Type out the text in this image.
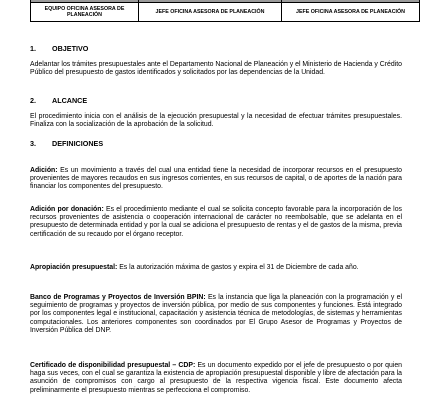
EQUIPO OFICINA ASESORA DE PLANEACIÓN	JEFE OFICINA ASESORA DE PLANEACIÓN	JEFE OFICINA ASESORA DE PLANEACIÓN
1. OBJETIVO

Adelantar los trámites presupuestales ante el Departamento Nacional de Planeación y el Ministerio de Hacienda y Crédito Público del presupuesto de gastos identificados y solicitados por las dependencias de la Unidad.

2. ALCANCE

El procedimiento inicia con el análisis de la ejecución presupuestal y la necesidad de efectuar trámites presupuestales. Finaliza con la socialización de la aprobación de la solicitud.

3. DEFINICIONES

Adición: Es un movimiento a través del cual una entidad tiene la necesidad de incorporar recursos en el presupuesto provenientes de mayores recaudos en sus ingresos corrientes, en sus recursos de capital, o de aportes de la nación para financiar los componentes del presupuesto.

Adición por donación: Es el procedimiento mediante el cual se solicita concepto favorable para la incorporación de los recursos provenientes de asistencia o cooperación internacional de carácter no reembolsable, que se adelanta en el presupuesto de determinada entidad y por la cual se adiciona el presupuesto de rentas y el de gastos de la misma, previa certificación de su recaudo por el órgano receptor.

Apropiación presupuestal: Es la autorización máxima de gastos y expira el 31 de Diciembre de cada año.

Banco de Programas y Proyectos de Inversión BPIN: Es la instancia que liga la planeación con la programación y el seguimiento de programas y proyectos de inversión pública, por medio de sus componentes y funciones. Está integrado por los componentes legal e institucional, capacitación y asistencia técnica de metodologías, de sistemas y herramientas computacionales. Los anteriores componentes son coordinados por El Grupo Asesor de Programas y Proyectos de Inversión Pública del DNP.

Certificado de disponibilidad presupuestal – CDP: Es un documento expedido por el jefe de presupuesto o por quien haga sus veces, con el cual se garantiza la existencia de apropiación presupuestal disponible y libre de afectación para la asunción de compromisos con cargo al presupuesto de la respectiva vigencia fiscal. Este documento afecta preliminarmente el presupuesto mientras se perfecciona el compromiso.
